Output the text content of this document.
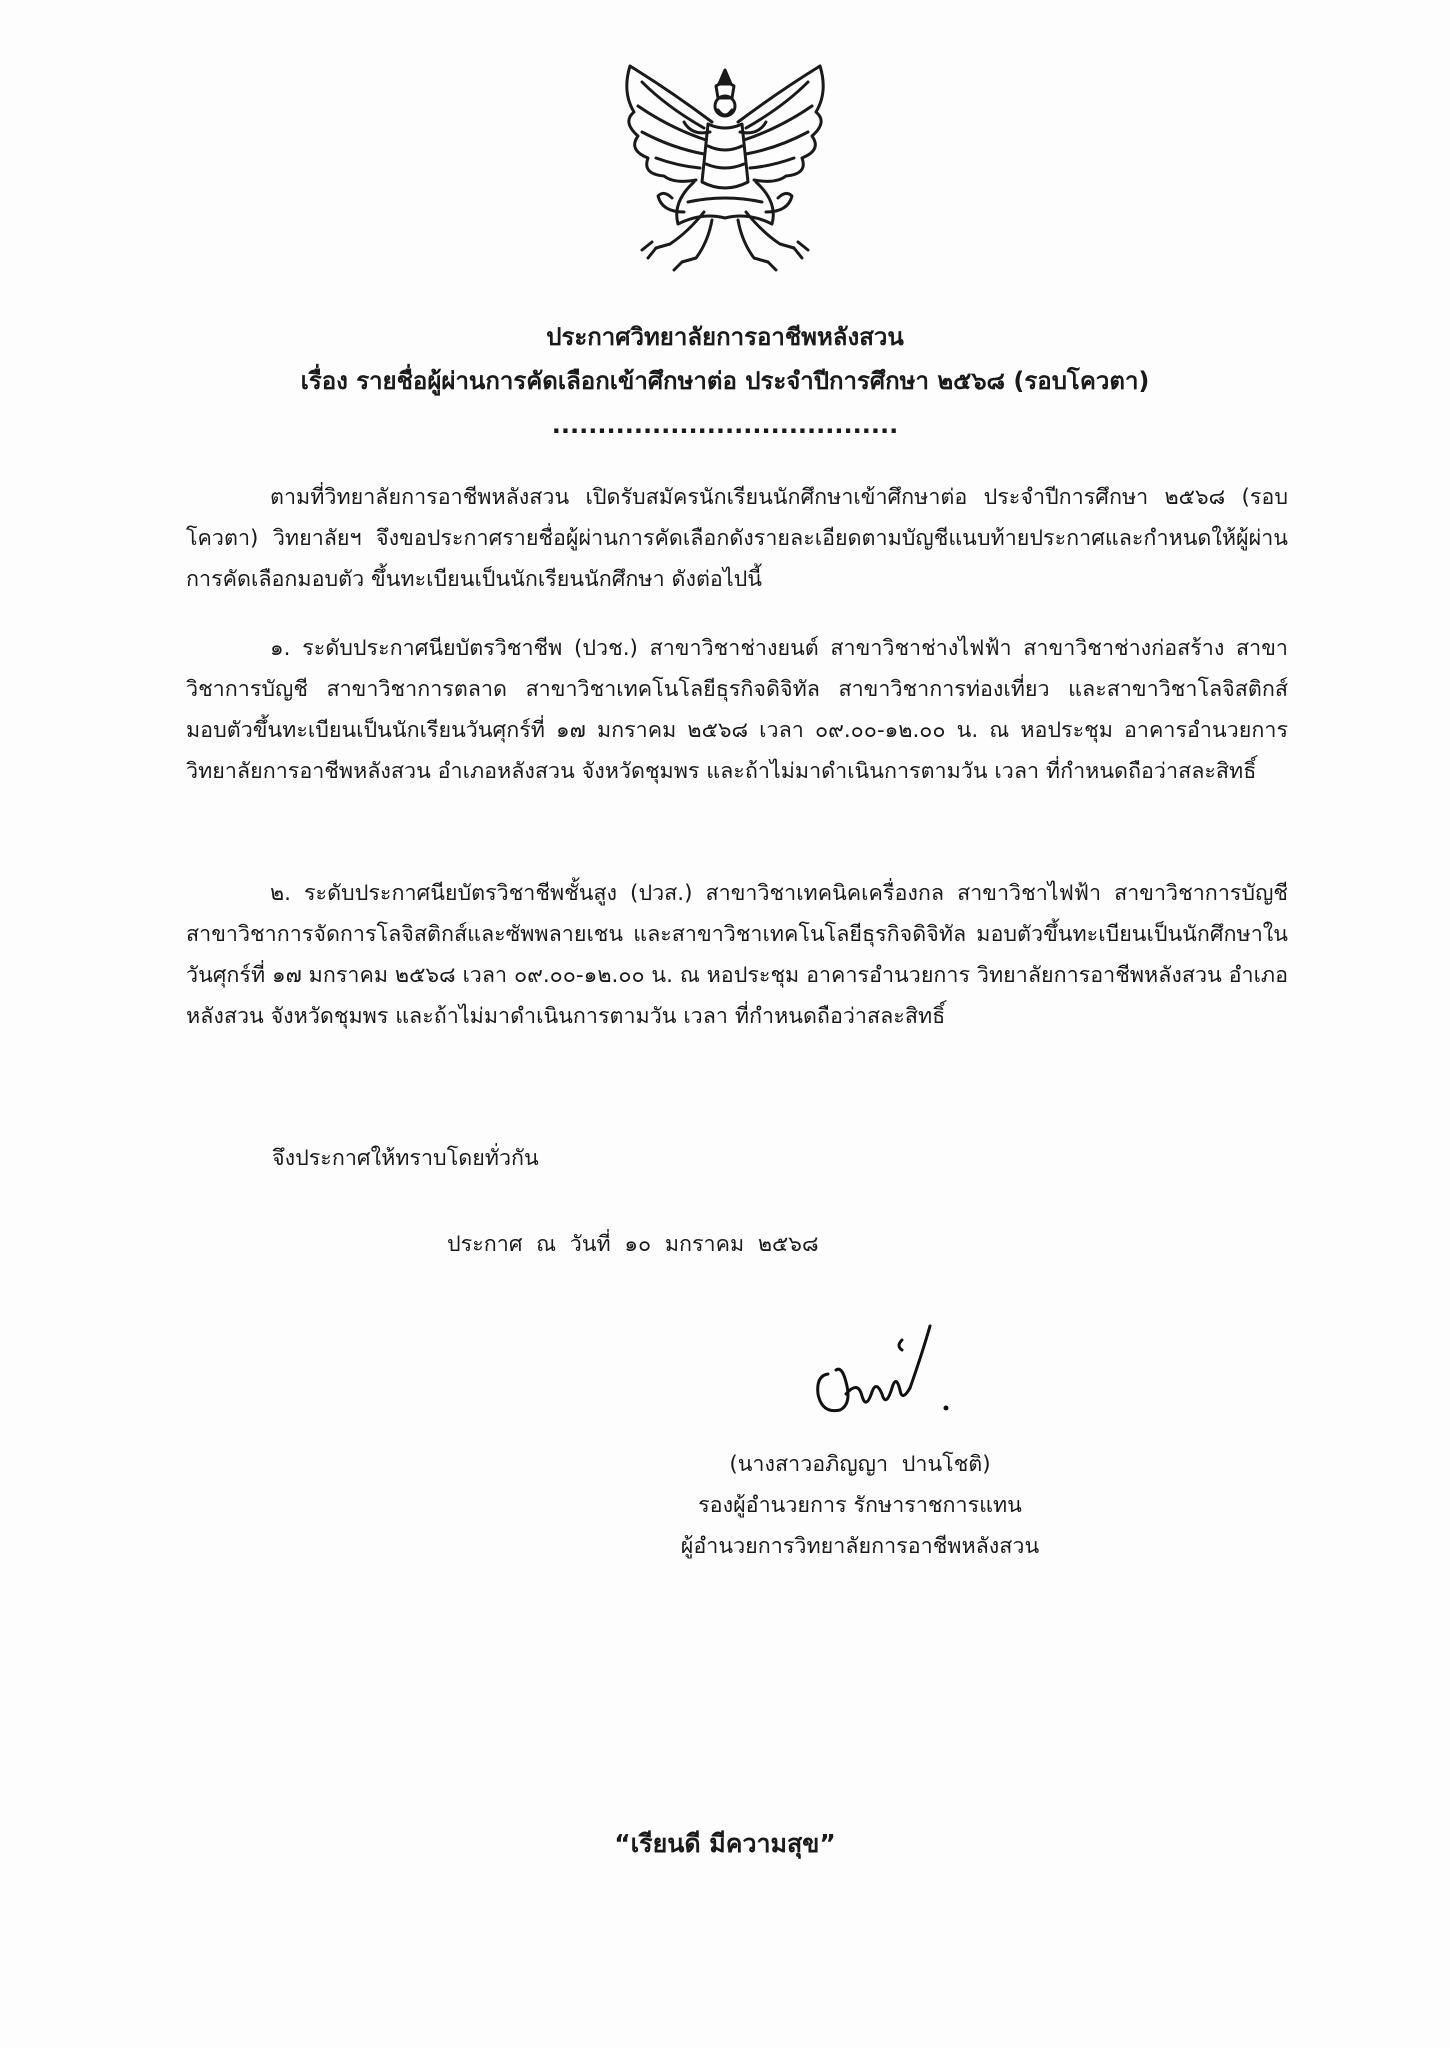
ประกาศวิทยาลัยการอาชีพหลังสวน
เรื่อง รายชื่อผู้ผ่านการคัดเลือกเข้าศึกษาต่อ ประจำปีการศึกษา ๒๕๖๘ (รอบโควตา)
......................................
ตามที่วิทยาลัยการอาชีพหลังสวน เปิดรับสมัครนักเรียนนักศึกษาเข้าศึกษาต่อ ประจำปีการศึกษา ๒๕๖๘ (รอบโควตา) วิทยาลัยฯ จึงขอประกาศรายชื่อผู้ผ่านการคัดเลือกดังรายละเอียดตามบัญชีแนบท้ายประกาศและกำหนดให้ผู้ผ่านการคัดเลือกมอบตัว ขึ้นทะเบียนเป็นนักเรียนนักศึกษา ดังต่อไปนี้
๑. ระดับประกาศนียบัตรวิชาชีพ (ปวช.) สาขาวิชาช่างยนต์ สาขาวิชาช่างไฟฟ้า สาขาวิชาช่างก่อสร้าง สาขาวิชาการบัญชี สาขาวิชาการตลาด สาขาวิชาเทคโนโลยีธุรกิจดิจิทัล สาขาวิชาการท่องเที่ยว และสาขาวิชาโลจิสติกส์ มอบตัวขึ้นทะเบียนเป็นนักเรียนวันศุกร์ที่ ๑๗ มกราคม ๒๕๖๘ เวลา ๐๙.๐๐-๑๒.๐๐ น. ณ หอประชุม อาคารอำนวยการ วิทยาลัยการอาชีพหลังสวน อำเภอหลังสวน จังหวัดชุมพร และถ้าไม่มาดำเนินการตามวัน เวลา ที่กำหนดถือว่าสละสิทธิ์
๒. ระดับประกาศนียบัตรวิชาชีพชั้นสูง (ปวส.) สาขาวิชาเทคนิคเครื่องกล สาขาวิชาไฟฟ้า สาขาวิชาการบัญชี สาขาวิชาการจัดการโลจิสติกส์และซัพพลายเชน และสาขาวิชาเทคโนโลยีธุรกิจดิจิทัล มอบตัวขึ้นทะเบียนเป็นนักศึกษาในวันศุกร์ที่ ๑๗ มกราคม ๒๕๖๘ เวลา ๐๙.๐๐-๑๒.๐๐ น. ณ หอประชุม อาคารอำนวยการ วิทยาลัยการอาชีพหลังสวน อำเภอหลังสวน จังหวัดชุมพร และถ้าไม่มาดำเนินการตามวัน เวลา ที่กำหนดถือว่าสละสิทธิ์
จึงประกาศให้ทราบโดยทั่วกัน
ประกาศ  ณ  วันที่  ๑๐  มกราคม  ๒๕๖๘
(นางสาวอภิญญา  ปานโชติ)
รองผู้อำนวยการ รักษาราชการแทน
ผู้อำนวยการวิทยาลัยการอาชีพหลังสวน
“เรียนดี มีความสุข”
